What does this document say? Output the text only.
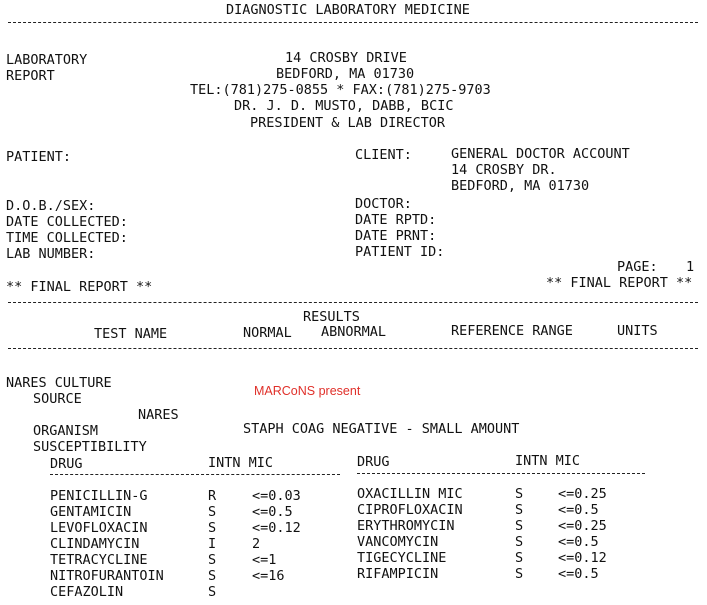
DIAGNOSTIC LABORATORY MEDICINE
LABORATORY
REPORT
14 CROSBY DRIVE
BEDFORD, MA 01730
TEL:(781)275-0855 * FAX:(781)275-9703
DR. J. D. MUSTO, DABB, BCIC
PRESIDENT & LAB DIRECTOR
PATIENT:	CLIENT:	GENERAL DOCTOR ACCOUNT
14 CROSBY DR.
BEDFORD, MA 01730
D.O.B./SEX:
DATE COLLECTED:
TIME COLLECTED:
LAB NUMBER:
DOCTOR:
DATE RPTD:
DATE PRNT:
PATIENT ID:
PAGE: 1
** FINAL REPORT **	** FINAL REPORT **
RESULTS
TEST NAME	NORMAL ABNORMAL	REFERENCE RANGE	UNITS
NARES CULTURE	MARCoNS present
SOURCE
NARES
ORGANISM	STAPH COAG NEGATIVE - SMALL AMOUNT
SUSCEPTIBILITY
DRUG	INTN MIC	DRUG	INTN MIC
PENICILLIN-G	R	<=0.03
GENTAMICIN	S	<=0.5
LEVOFLOXACIN	S	<=0.12
CLINDAMYCIN	I	2
TETRACYCLINE	S	<=1
NITROFURANTOIN	S	<=16
CEFAZOLIN	S
OXACILLIN MIC	S	<=0.25
CIPROFLOXACIN	S	<=0.5
ERYTHROMYCIN	S	<=0.25
VANCOMYCIN	S	<=0.5
TIGECYCLINE	S	<=0.12
RIFAMPICIN	S	<=0.5
